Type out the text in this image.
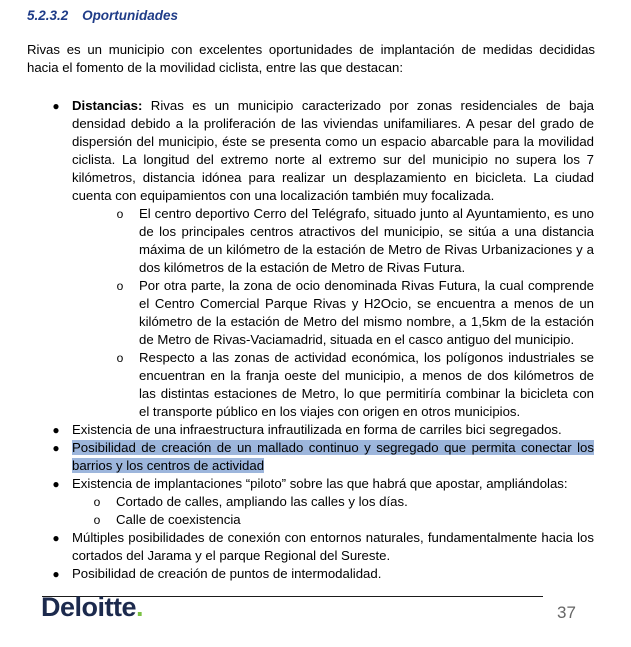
5.2.3.2 Oportunidades
Rivas es un municipio con excelentes oportunidades de implantación de medidas decididas hacia el fomento de la movilidad ciclista, entre las que destacan:
● Distancias: Rivas es un municipio caracterizado por zonas residenciales de baja densidad debido a la proliferación de las viviendas unifamiliares. A pesar del grado de dispersión del municipio, éste se presenta como un espacio abarcable para la movilidad ciclista. La longitud del extremo norte al extremo sur del municipio no supera los 7 kilómetros, distancia idónea para realizar un desplazamiento en bicicleta. La ciudad cuenta con equipamientos con una localización también muy focalizada.
o El centro deportivo Cerro del Telégrafo, situado junto al Ayuntamiento, es uno de los principales centros atractivos del municipio, se sitúa a una distancia máxima de un kilómetro de la estación de Metro de Rivas Urbanizaciones y a dos kilómetros de la estación de Metro de Rivas Futura.
o Por otra parte, la zona de ocio denominada Rivas Futura, la cual comprende el Centro Comercial Parque Rivas y H2Ocio, se encuentra a menos de un kilómetro de la estación de Metro del mismo nombre, a 1,5km de la estación de Metro de Rivas-Vaciamadrid, situada en el casco antiguo del municipio.
o Respecto a las zonas de actividad económica, los polígonos industriales se encuentran en la franja oeste del municipio, a menos de dos kilómetros de las distintas estaciones de Metro, lo que permitiría combinar la bicicleta con el transporte público en los viajes con origen en otros municipios.
● Existencia de una infraestructura infrautilizada en forma de carriles bici segregados.
● Posibilidad de creación de un mallado continuo y segregado que permita conectar los barrios y los centros de actividad
● Existencia de implantaciones “piloto” sobre las que habrá que apostar, ampliándolas:
o Cortado de calles, ampliando las calles y los días.
o Calle de coexistencia
● Múltiples posibilidades de conexión con entornos naturales, fundamentalmente hacia los cortados del Jarama y el parque Regional del Sureste.
● Posibilidad de creación de puntos de intermodalidad.
Deloitte.	37
